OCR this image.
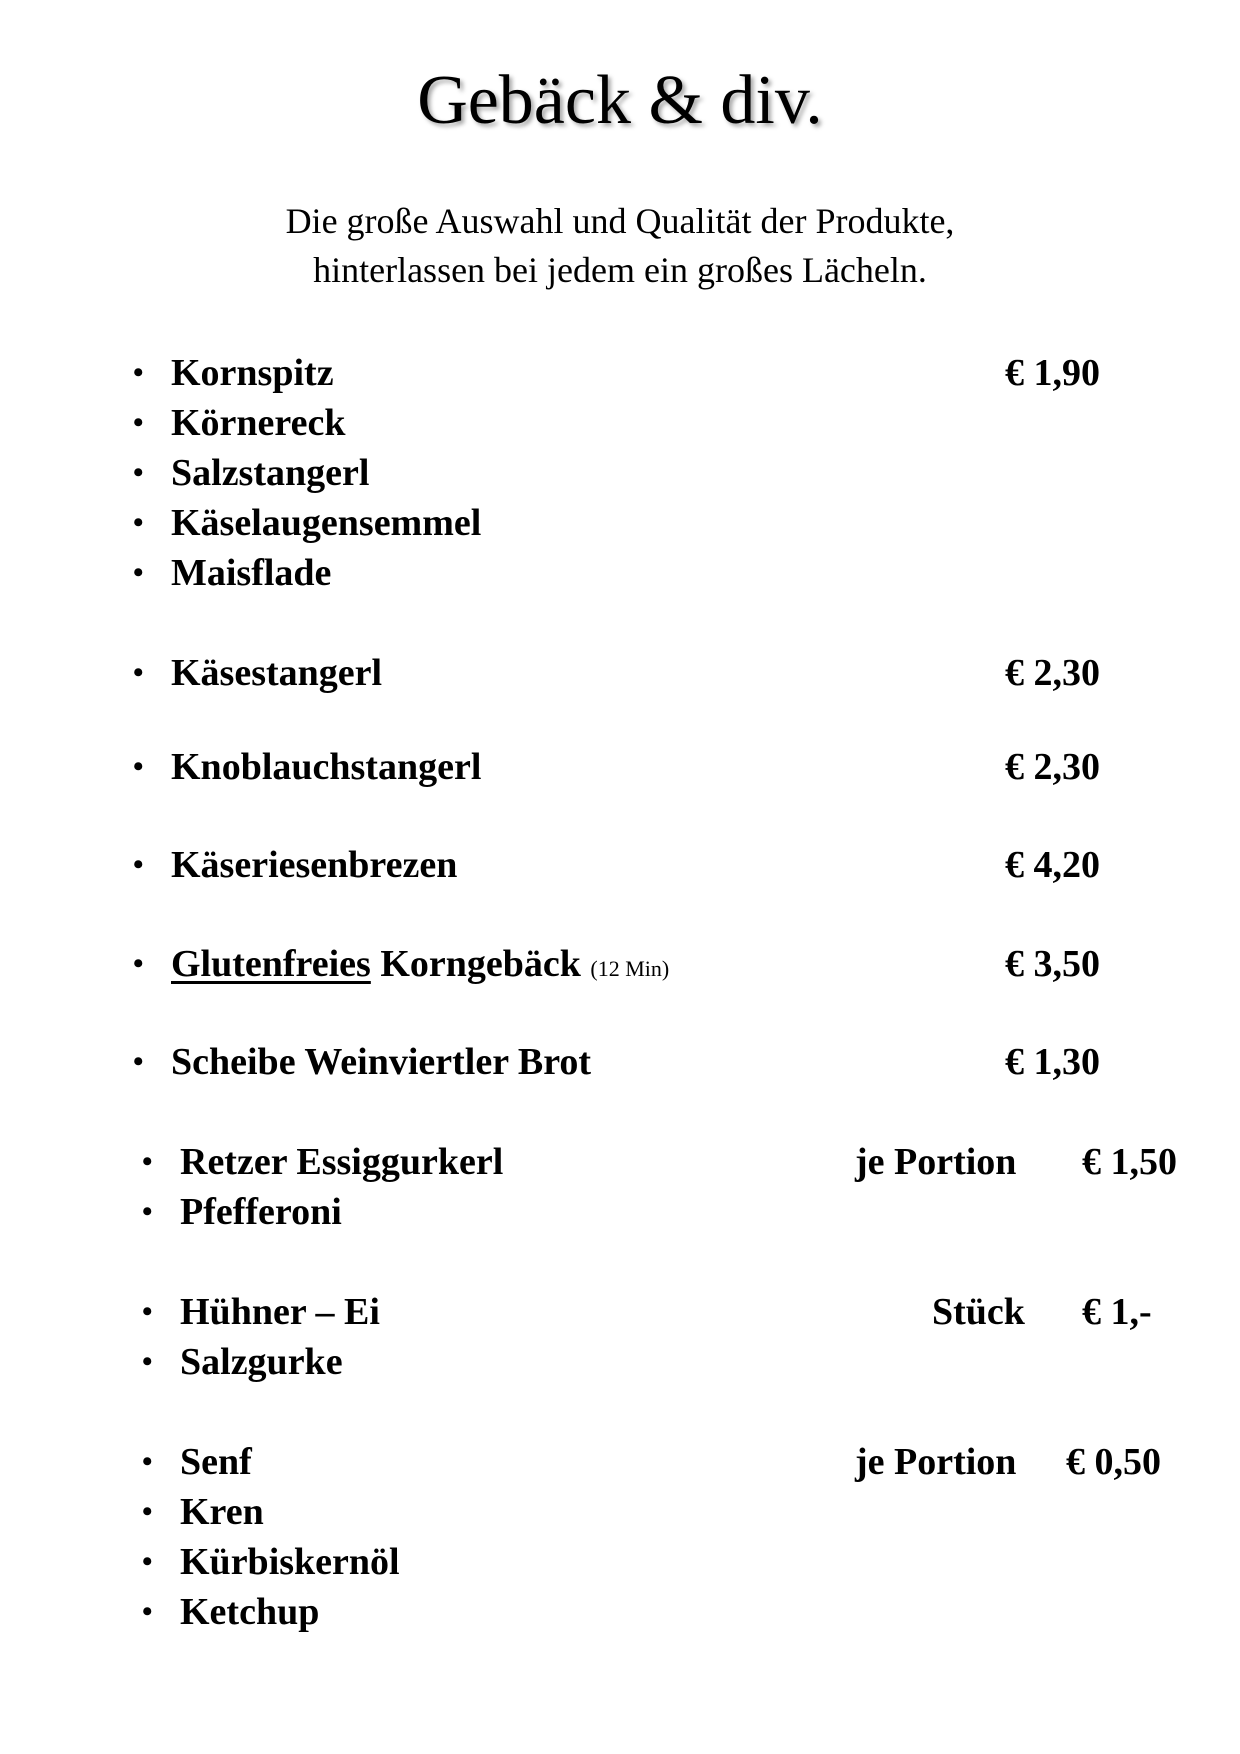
Gebäck & div.
Die große Auswahl und Qualität der Produkte,
hinterlassen bei jedem ein großes Lächeln.
• Kornspitz	€ 1,90
• Körnereck
• Salzstangerl
• Käselaugensemmel
• Maisflade
• Käsestangerl	€ 2,30
• Knoblauchstangerl	€ 2,30
• Käseriesenbrezen	€ 4,20
• Glutenfreies Korngebäck (12 Min)	€ 3,50
• Scheibe Weinviertler Brot	€ 1,30
• Retzer Essiggurkerl	je Portion € 1,50
• Pfefferoni
• Hühner – Ei	Stück € 1,-
• Salzgurke
• Senf	je Portion € 0,50
• Kren
• Kürbiskernöl
• Ketchup
